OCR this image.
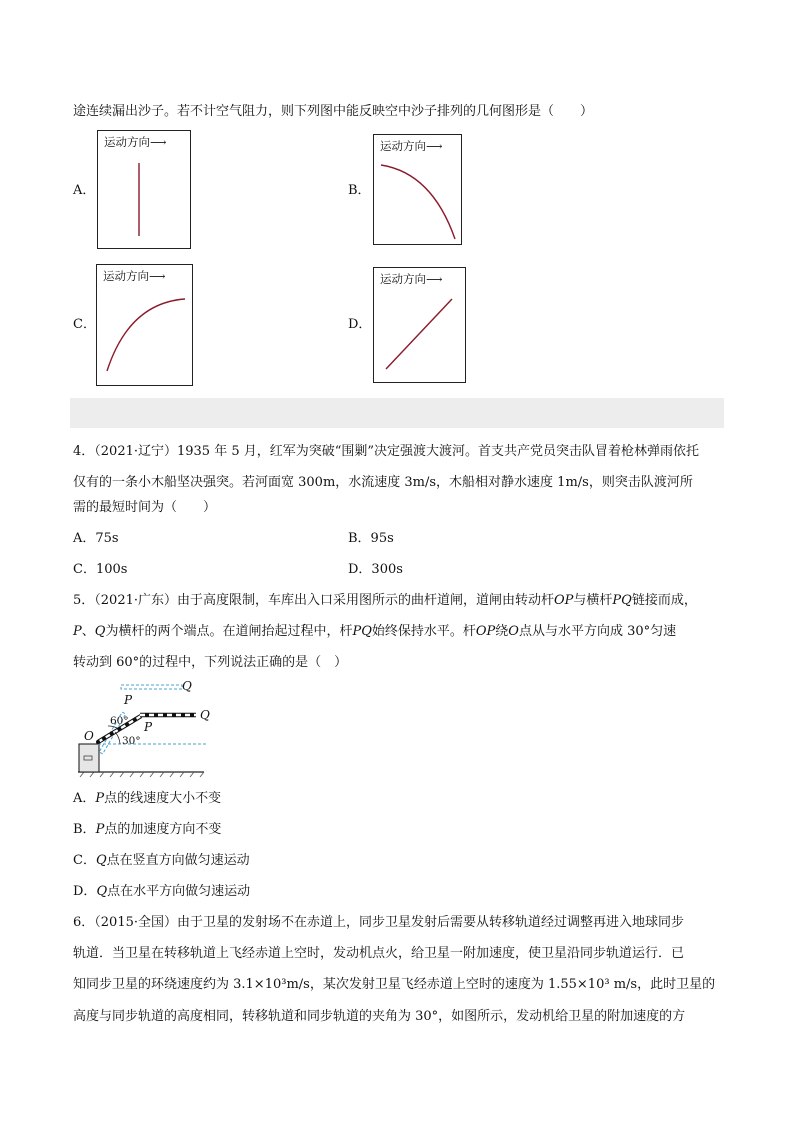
途连续漏出沙子。若不计空气阻力，则下列图中能反映空中沙子排列的几何图形是（　　）
A．
运动方向⟶
B．
运动方向⟶
C．
运动方向⟶
D．
运动方向⟶
4．（2021·辽宁）1935 年 5 月，红军为突破“围剿”决定强渡大渡河。首支共产党员突击队冒着枪林弹雨依托
仅有的一条小木船坚决强突。若河面宽 300m，水流速度 3m/s，木船相对静水速度 1m/s，则突击队渡河所
需的最短时间为（　　）
A．75s	B．95s
C．100s	D．300s
5．（2021·广东）由于高度限制，车库出入口采用图所示的曲杆道闸，道闸由转动杆OP与横杆PQ链接而成，
P、Q为横杆的两个端点。在道闸抬起过程中，杆PQ始终保持水平。杆OP绕O点从与水平方向成 30°匀速
转动到 60°的过程中，下列说法正确的是（　）
O
P
Q
P
Q
60°
30°
A．P点的线速度大小不变
B．P点的加速度方向不变
C．Q点在竖直方向做匀速运动
D．Q点在水平方向做匀速运动
6．（2015·全国）由于卫星的发射场不在赤道上，同步卫星发射后需要从转移轨道经过调整再进入地球同步
轨道．当卫星在转移轨道上飞经赤道上空时，发动机点火，给卫星一附加速度，使卫星沿同步轨道运行．已
知同步卫星的环绕速度约为 3.1×10³m/s，某次发射卫星飞经赤道上空时的速度为 1.55×10³ m/s，此时卫星的
高度与同步轨道的高度相同，转移轨道和同步轨道的夹角为 30°，如图所示，发动机给卫星的附加速度的方
